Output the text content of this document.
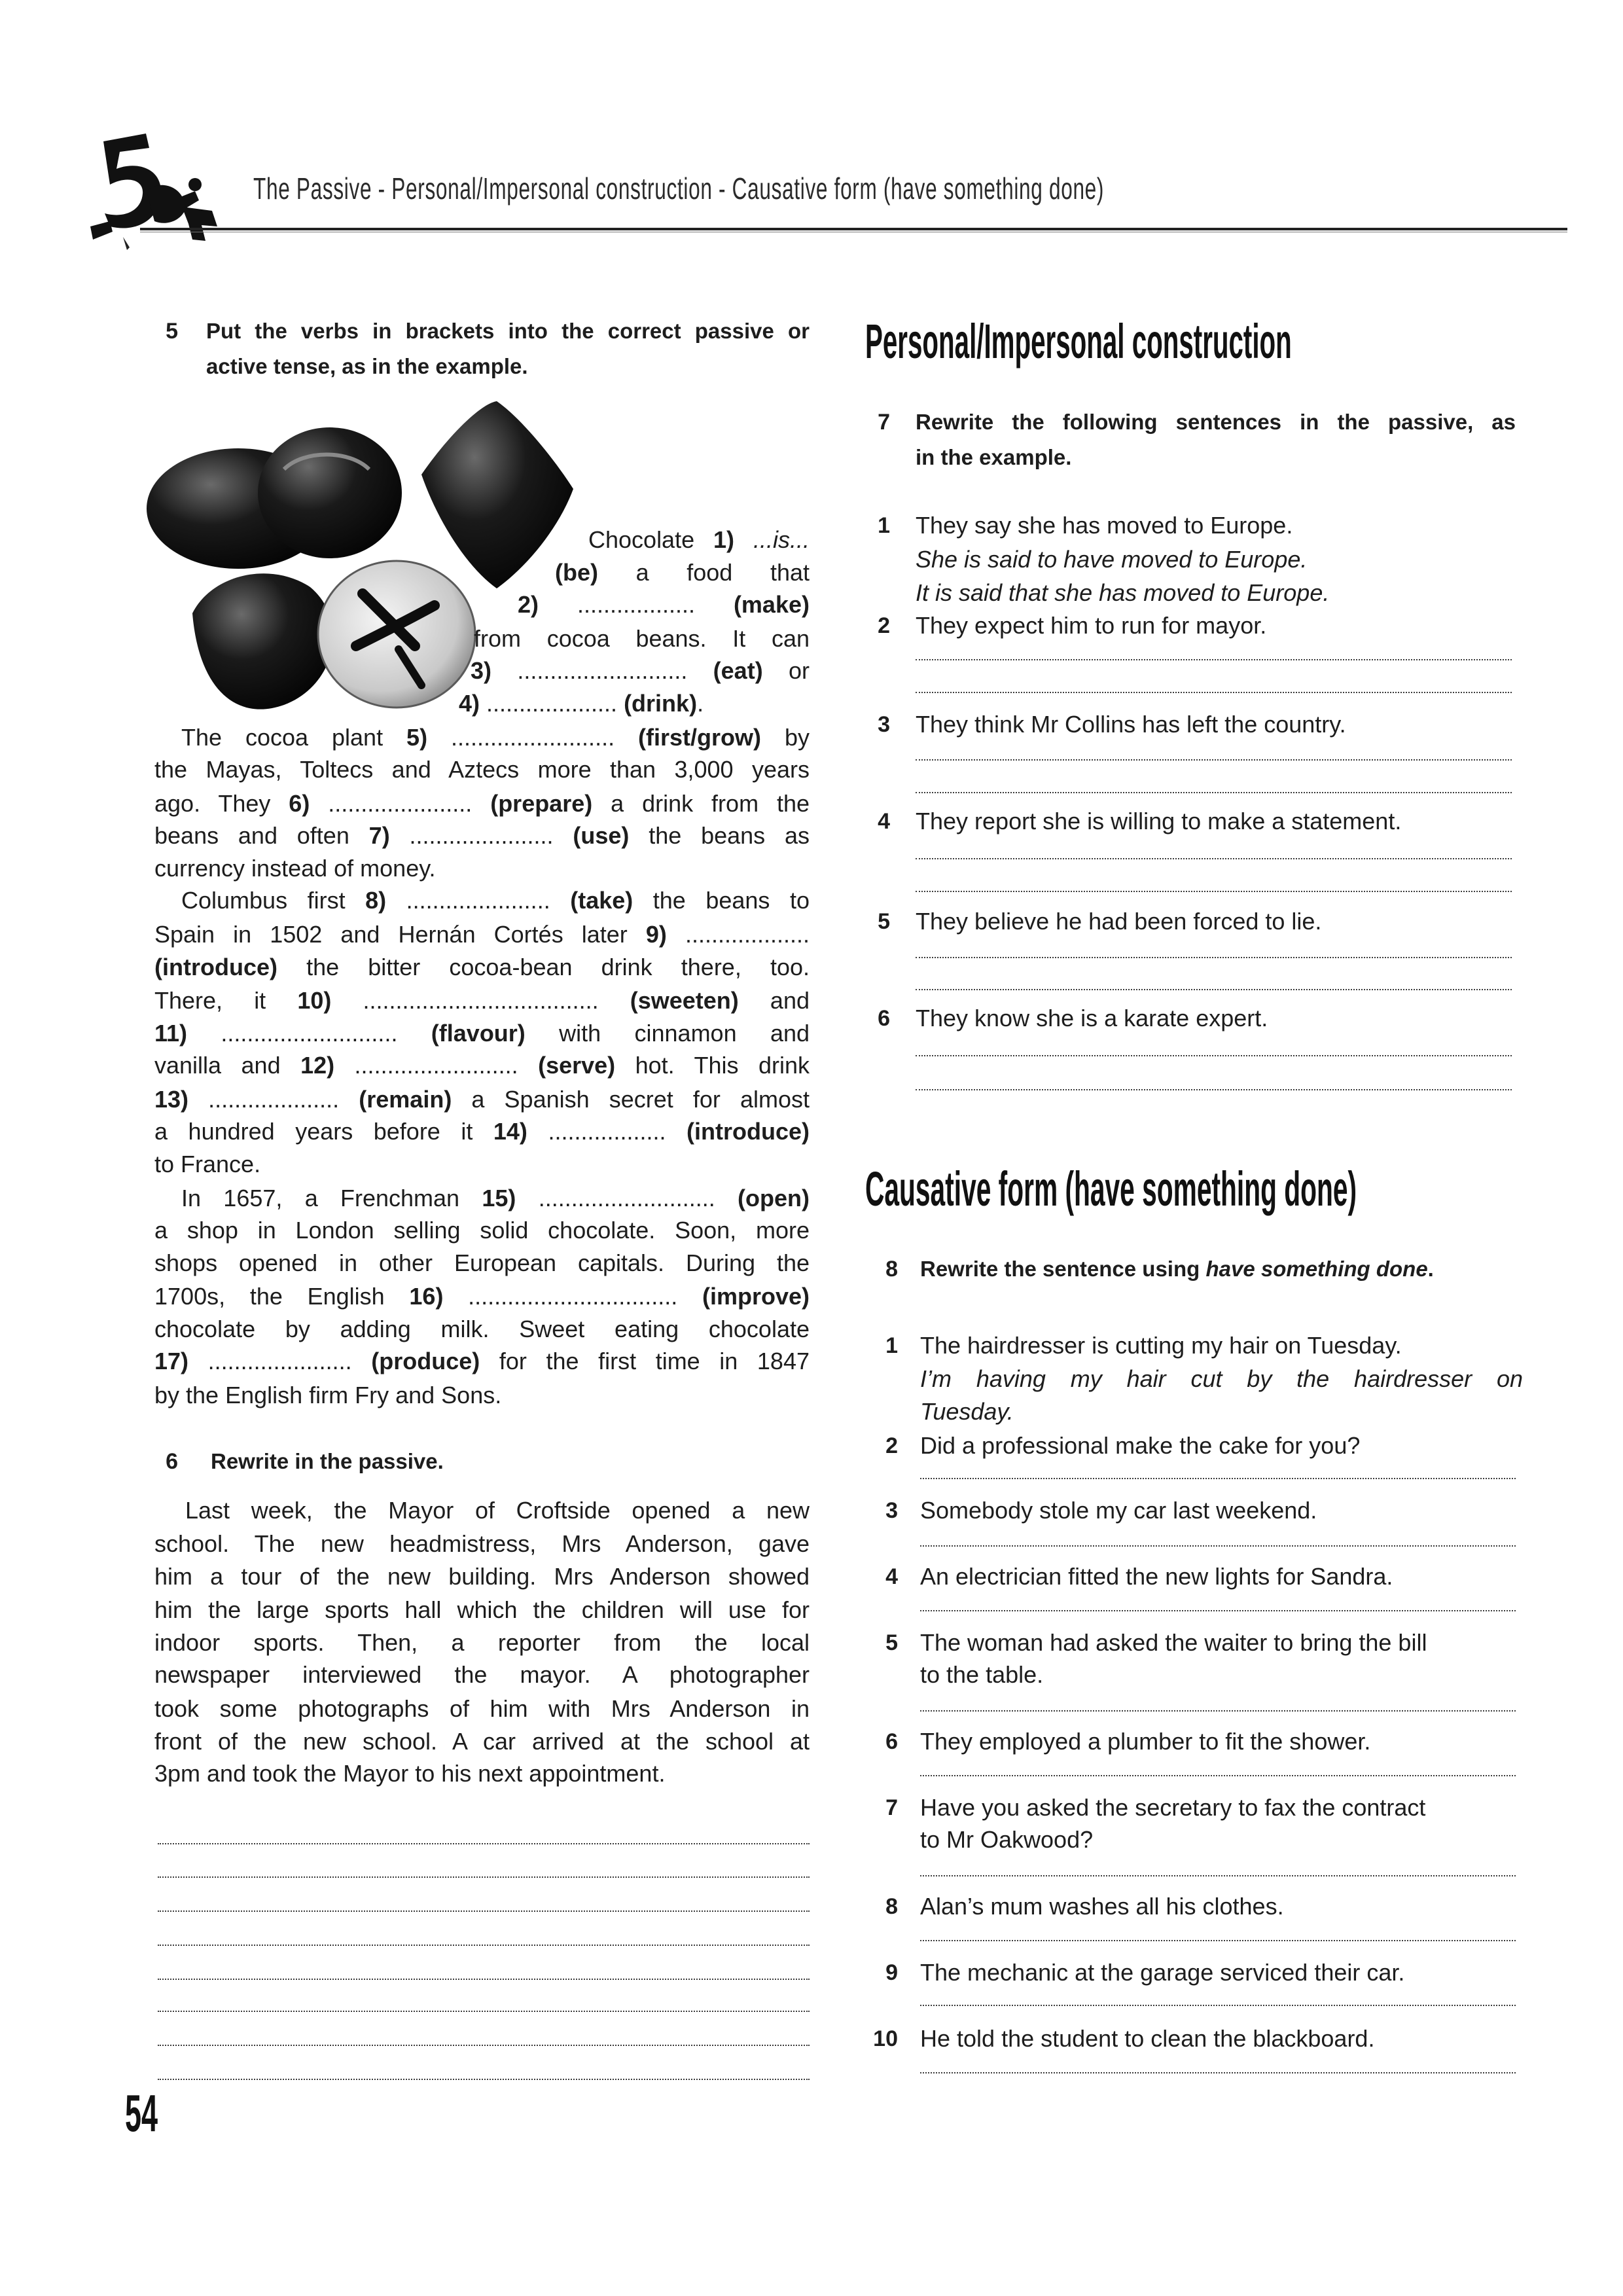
The Passive - Personal/Impersonal construction - Causative form (have something done)
5 Put the verbs in brackets into the correct passive or
active tense, as in the example.
Chocolate 1) ...is...
(be) a food that
2) .................. (make)
from cocoa beans. It can
3) .......................... (eat) or
4) .................... (drink).
The cocoa plant 5) ......................... (first/grow) by
the Mayas, Toltecs and Aztecs more than 3,000 years
ago. They 6) ...................... (prepare) a drink from the
beans and often 7) ...................... (use) the beans as
currency instead of money.
Columbus first 8) ...................... (take) the beans to
Spain in 1502 and Hernán Cortés later 9) ...................
(introduce) the bitter cocoa-bean drink there, too.
There, it 10) .................................... (sweeten) and
11) ........................... (flavour) with cinnamon and
vanilla and 12) ......................... (serve) hot. This drink
13) .................... (remain) a Spanish secret for almost
a hundred years before it 14) .................. (introduce)
to France.
In 1657, a Frenchman 15) ........................... (open)
a shop in London selling solid chocolate. Soon, more
shops opened in other European capitals. During the
1700s, the English 16) ................................ (improve)
chocolate by adding milk. Sweet eating chocolate
17) ...................... (produce) for the first time in 1847
by the English firm Fry and Sons.
6 Rewrite in the passive.
Last week, the Mayor of Croftside opened a new
school. The new headmistress, Mrs Anderson, gave
him a tour of the new building. Mrs Anderson showed
him the large sports hall which the children will use for
indoor sports. Then, a reporter from the local
newspaper interviewed the mayor. A photographer
took some photographs of him with Mrs Anderson in
front of the new school. A car arrived at the school at
3pm and took the Mayor to his next appointment.
54
Personal/Impersonal construction
7 Rewrite the following sentences in the passive, as
in the example.
1 They say she has moved to Europe.
She is said to have moved to Europe.
It is said that she has moved to Europe.
2 They expect him to run for mayor.
3 They think Mr Collins has left the country.
4 They report she is willing to make a statement.
5 They believe he had been forced to lie.
6 They know she is a karate expert.
Causative form (have something done)
8 Rewrite the sentence using have something done.
1 The hairdresser is cutting my hair on Tuesday.
I’m having my hair cut by the hairdresser on
Tuesday.
2 Did a professional make the cake for you?
3 Somebody stole my car last weekend.
4 An electrician fitted the new lights for Sandra.
5 The woman had asked the waiter to bring the bill
to the table.
6 They employed a plumber to fit the shower.
7 Have you asked the secretary to fax the contract
to Mr Oakwood?
8 Alan’s mum washes all his clothes.
9 The mechanic at the garage serviced their car.
10 He told the student to clean the blackboard.
